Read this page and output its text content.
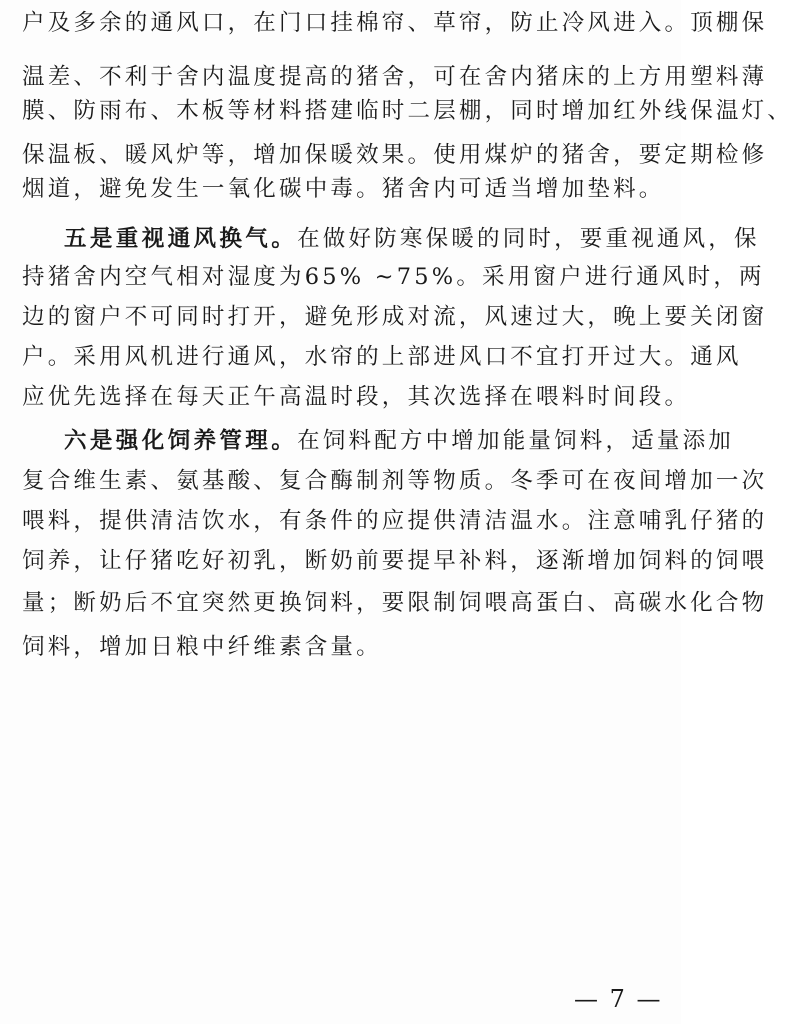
户及多余的通风口，在门口挂棉帘、草帘，防止冷风进入。顶棚保
温差、不利于舍内温度提高的猪舍，可在舍内猪床的上方用塑料薄
膜、防雨布、木板等材料搭建临时二层棚，同时增加红外线保温灯、
保温板、暖风炉等，增加保暖效果。使用煤炉的猪舍，要定期检修
烟道，避免发生一氧化碳中毒。猪舍内可适当增加垫料。
五是重视通风换气。在做好防寒保暖的同时，要重视通风，保
持猪舍内空气相对湿度为65% ~75%。采用窗户进行通风时，两
边的窗户不可同时打开，避免形成对流，风速过大，晚上要关闭窗
户。采用风机进行通风，水帘的上部进风口不宜打开过大。通风
应优先选择在每天正午高温时段，其次选择在喂料时间段。
六是强化饲养管理。在饲料配方中增加能量饲料，适量添加
复合维生素、氨基酸、复合酶制剂等物质。冬季可在夜间增加一次
喂料，提供清洁饮水，有条件的应提供清洁温水。注意哺乳仔猪的
饲养，让仔猪吃好初乳，断奶前要提早补料，逐渐增加饲料的饲喂
量；断奶后不宜突然更换饲料，要限制饲喂高蛋白、高碳水化合物
饲料，增加日粮中纤维素含量。
— 7 —
